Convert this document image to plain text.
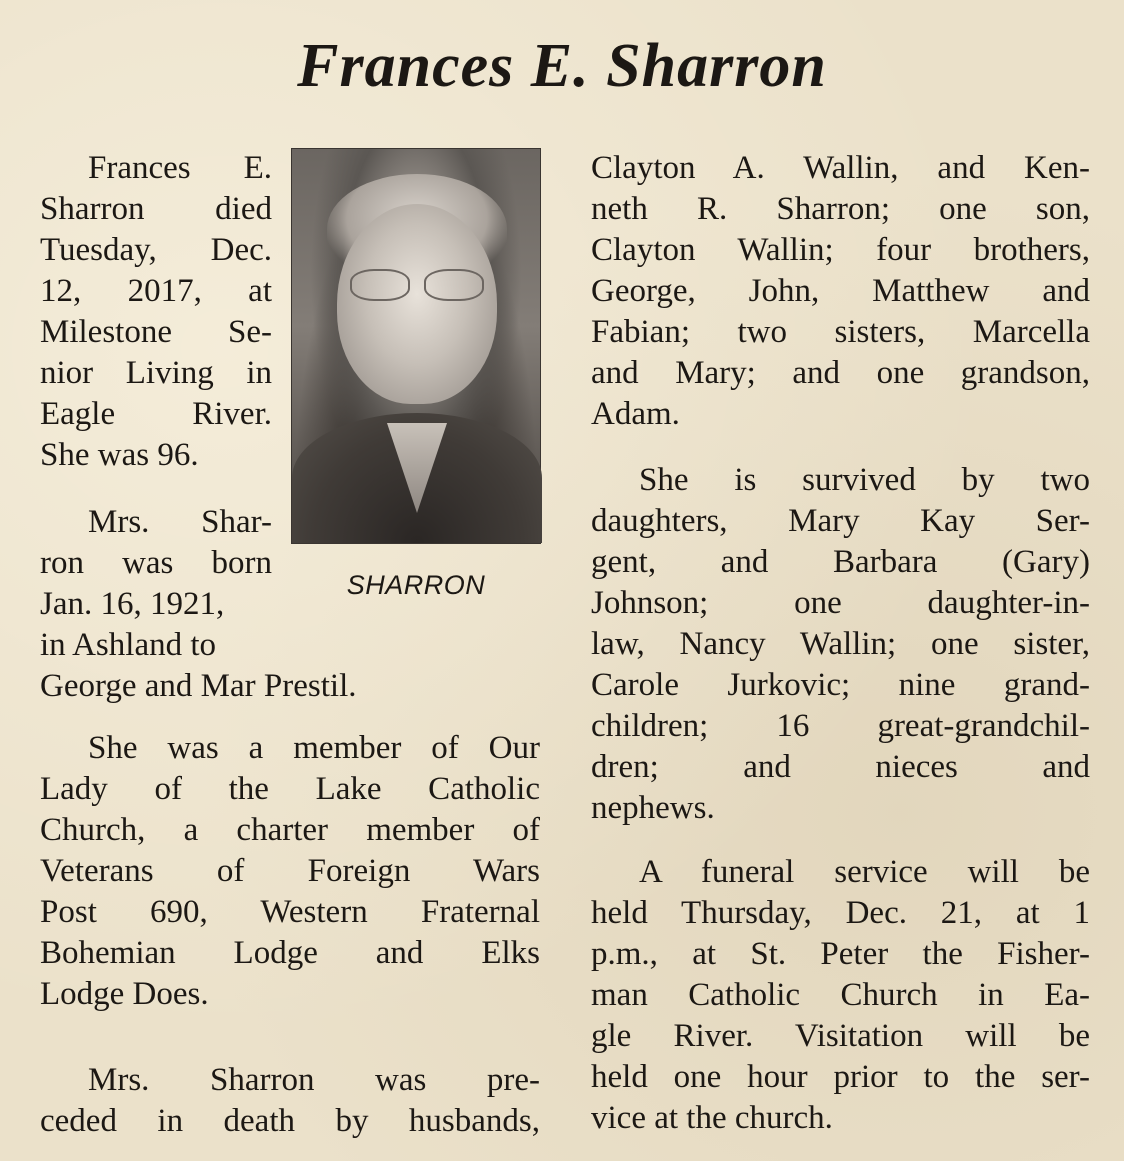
Frances E. Sharron
Frances E.
Sharron died
Tuesday, Dec.
12, 2017, at
Milestone Se-
nior Living in
Eagle River.
She was 96.

SHARRON

Mrs. Shar-
ron was born
Jan. 16, 1921,
in Ashland to
George and Mar Prestil.
She was a member of Our
Lady of the Lake Catholic
Church, a charter member of
Veterans of Foreign Wars
Post 690, Western Fraternal
Bohemian Lodge and Elks
Lodge Does.
Mrs. Sharron was pre-
ceded in death by husbands,
Clayton A. Wallin, and Ken-
neth R. Sharron; one son,
Clayton Wallin; four brothers,
George, John, Matthew and
Fabian; two sisters, Marcella
and Mary; and one grandson,
Adam.
She is survived by two
daughters, Mary Kay Ser-
gent, and Barbara (Gary)
Johnson; one daughter-in-
law, Nancy Wallin; one sister,
Carole Jurkovic; nine grand-
children; 16 great-grandchil-
dren; and nieces and
nephews.
A funeral service will be
held Thursday, Dec. 21, at 1
p.m., at St. Peter the Fisher-
man Catholic Church in Ea-
gle River. Visitation will be
held one hour prior to the ser-
vice at the church.
